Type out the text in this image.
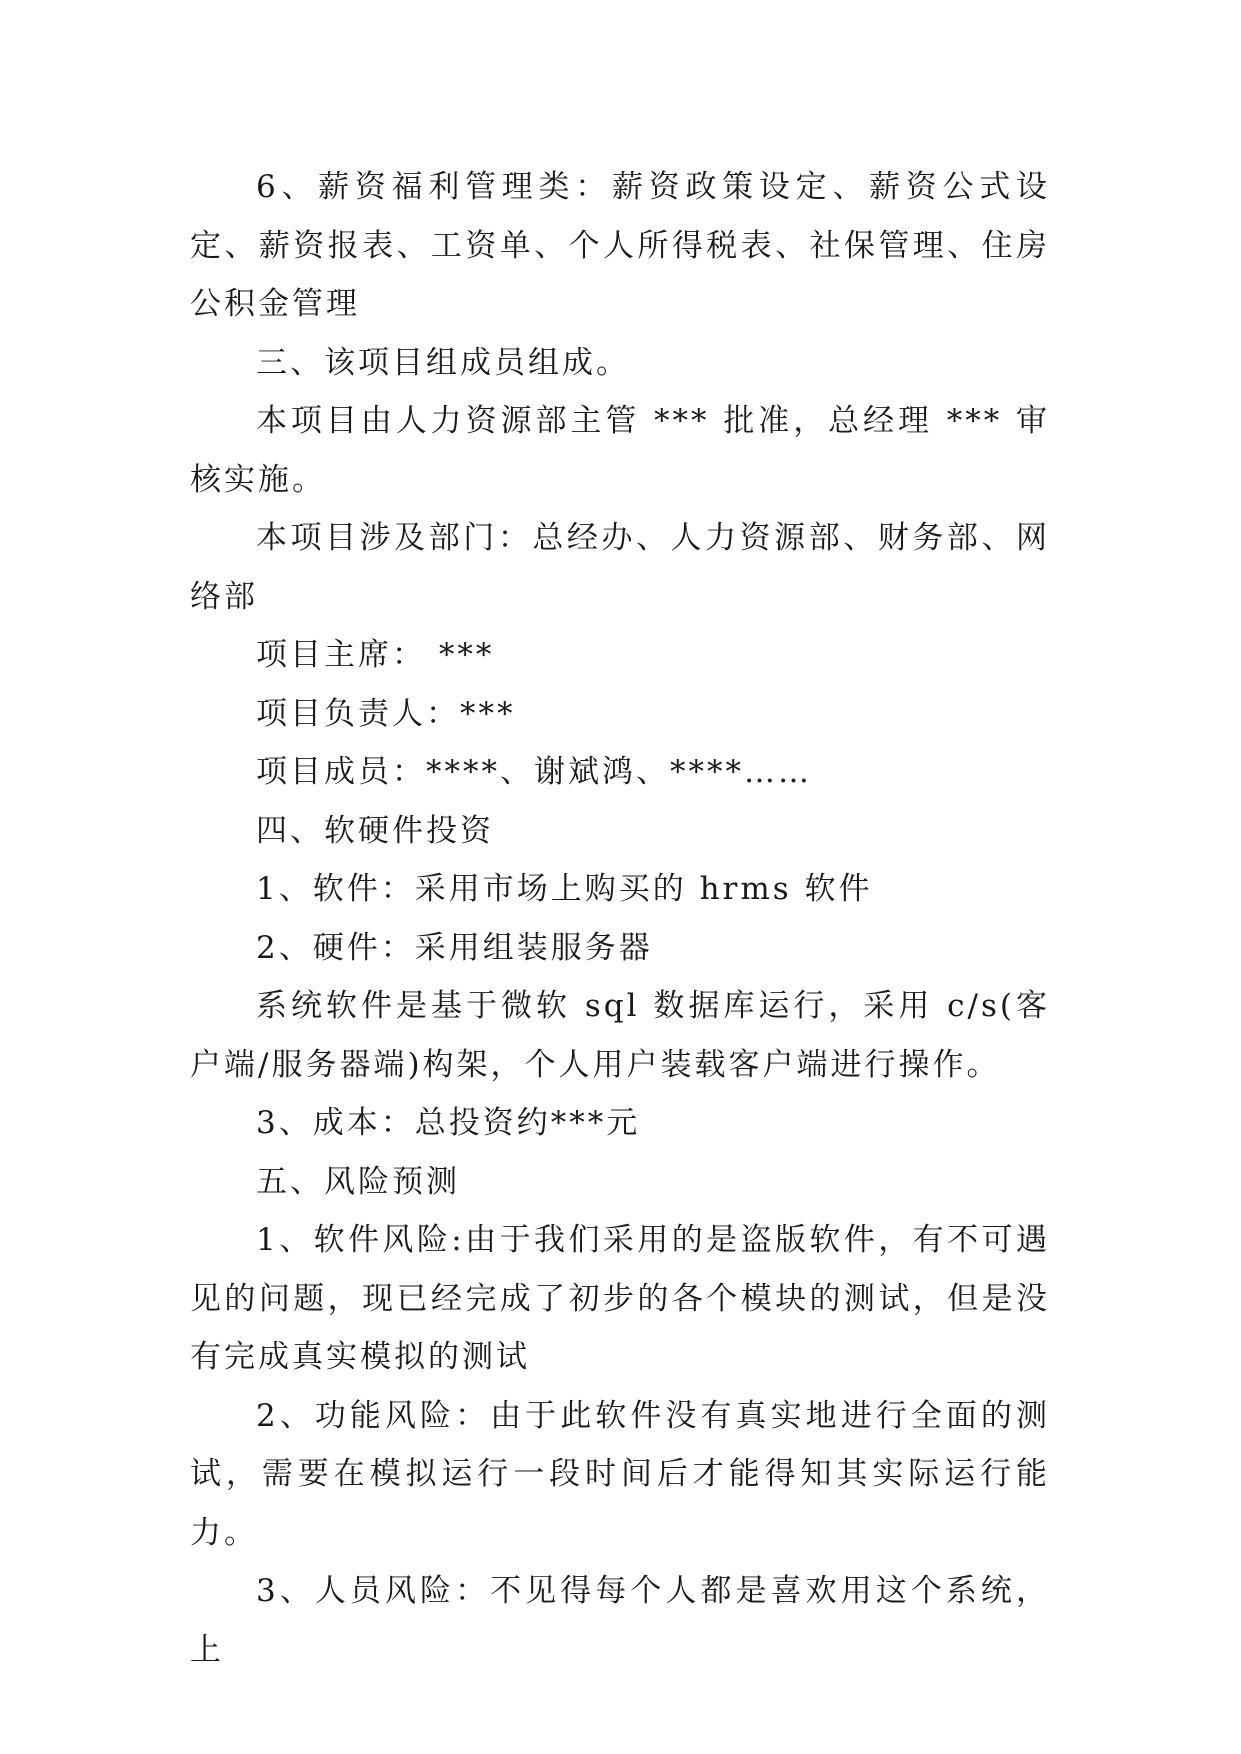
6、薪资福利管理类：薪资政策设定、薪资公式设定、薪资报表、工资单、个人所得税表、社保管理、住房公积金管理

三、该项目组成员组成。

本项目由人力资源部主管 *** 批准，总经理 *** 审核实施。

本项目涉及部门：总经办、人力资源部、财务部、网络部

项目主席： ***

项目负责人：***

项目成员：****、谢斌鸿、****……

四、软硬件投资

1、软件：采用市场上购买的 hrms 软件

2、硬件：采用组装服务器

系统软件是基于微软 sql 数据库运行，采用 c/s(客户端/服务器端)构架，个人用户装载客户端进行操作。

3、成本：总投资约***元

五、风险预测

1、软件风险:由于我们采用的是盗版软件，有不可遇见的问题，现已经完成了初步的各个模块的测试，但是没有完成真实模拟的测试

2、功能风险：由于此软件没有真实地进行全面的测试，需要在模拟运行一段时间后才能得知其实际运行能力。

3、人员风险：不见得每个人都是喜欢用这个系统，上
